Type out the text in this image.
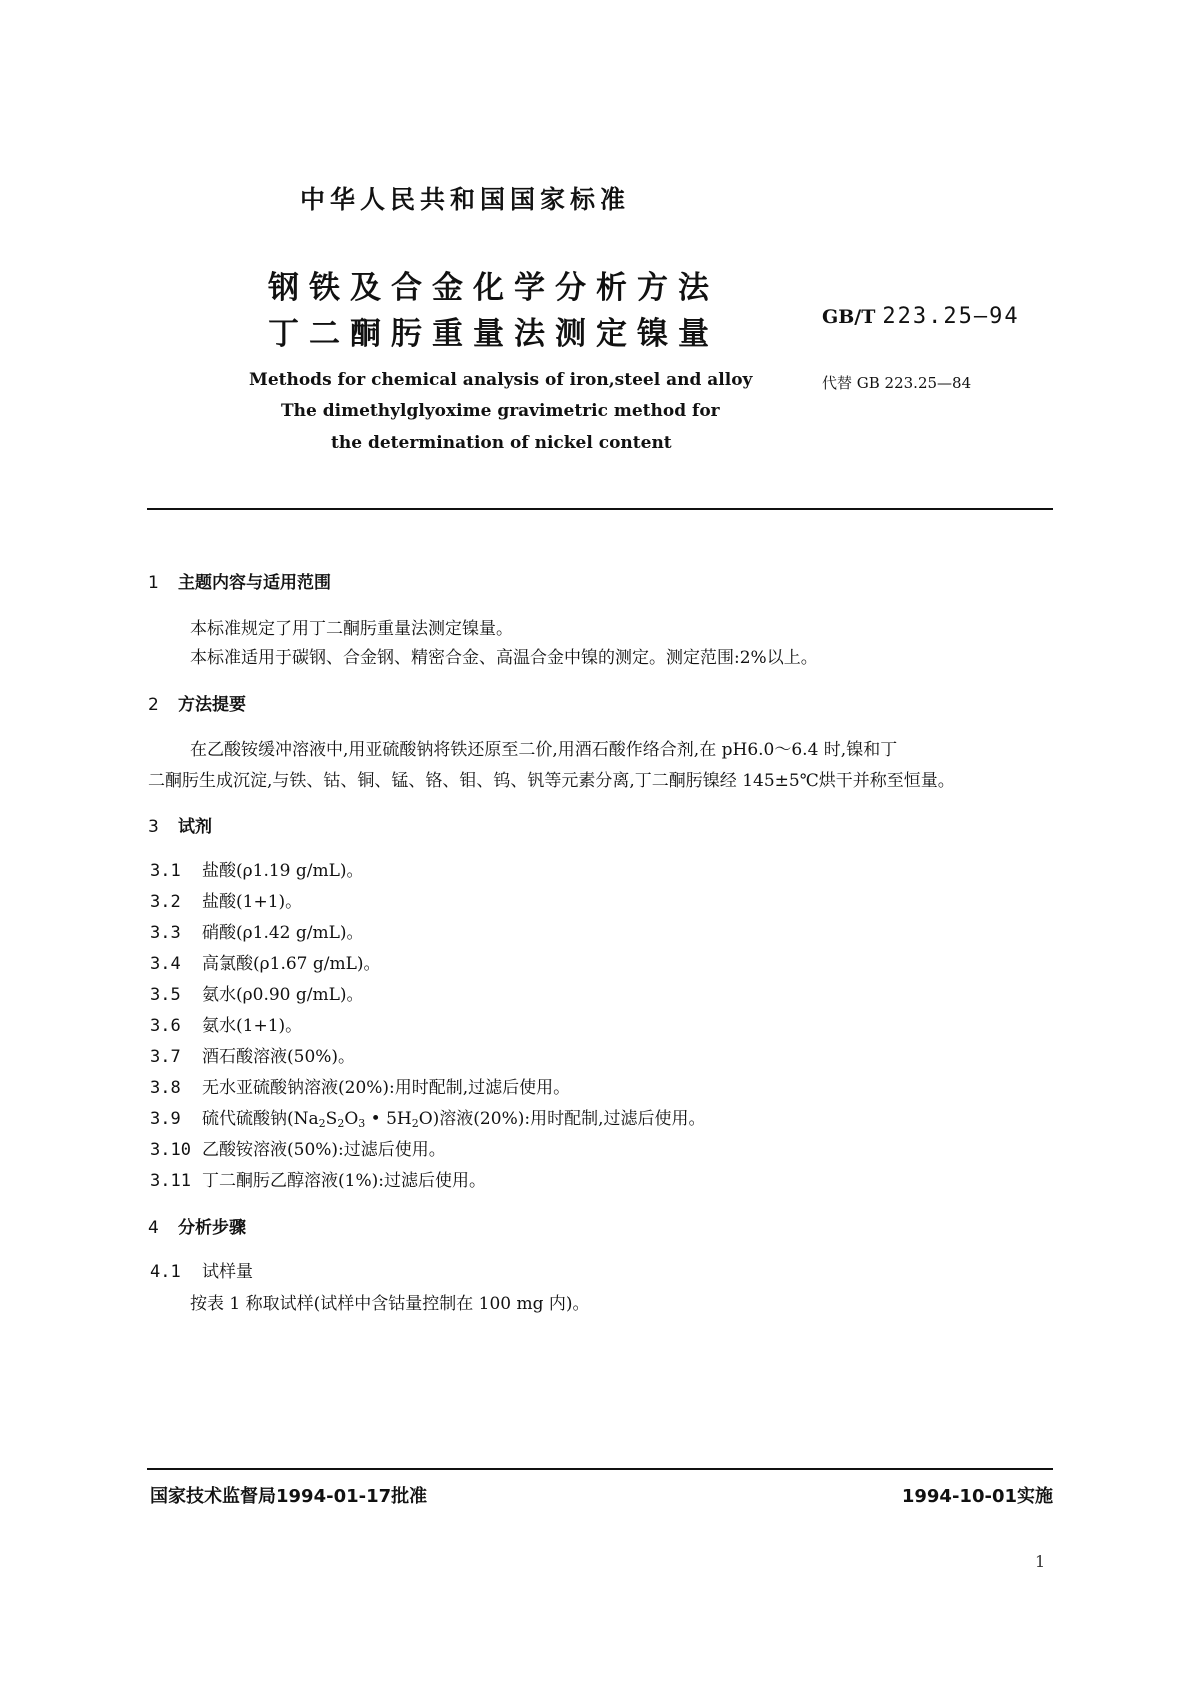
中华人民共和国国家标准
钢铁及合金化学分析方法
丁二酮肟重量法测定镍量	GB/T 223.25—94
代替 GB 223.25—84
Methods for chemical analysis of iron,steel and alloy
The dimethylglyoxime gravimetric method for
the determination of nickel content
1 主题内容与适用范围
本标准规定了用丁二酮肟重量法测定镍量。
本标准适用于碳钢、合金钢、精密合金、高温合金中镍的测定。测定范围:2%以上。
2 方法提要
在乙酸铵缓冲溶液中,用亚硫酸钠将铁还原至二价,用酒石酸作络合剂,在 pH6.0～6.4 时,镍和丁
二酮肟生成沉淀,与铁、钴、铜、锰、铬、钼、钨、钒等元素分离,丁二酮肟镍经 145±5℃烘干并称至恒量。
3 试剂
3.1 盐酸(ρ1.19 g/mL)。
3.2 盐酸(1+1)。
3.3 硝酸(ρ1.42 g/mL)。
3.4 高氯酸(ρ1.67 g/mL)。
3.5 氨水(ρ0.90 g/mL)。
3.6 氨水(1+1)。
3.7 酒石酸溶液(50%)。
3.8 无水亚硫酸钠溶液(20%):用时配制,过滤后使用。
3.9 硫代硫酸钠($Na_2S_2O_3$ • $5H_2O$)溶液(20%):用时配制,过滤后使用。
3.10 乙酸铵溶液(50%):过滤后使用。
3.11 丁二酮肟乙醇溶液(1%):过滤后使用。
4 分析步骤
4.1 试样量
按表 1 称取试样(试样中含钴量控制在 100 mg 内)。
国家技术监督局1994-01-17批准	1994-10-01实施
1
